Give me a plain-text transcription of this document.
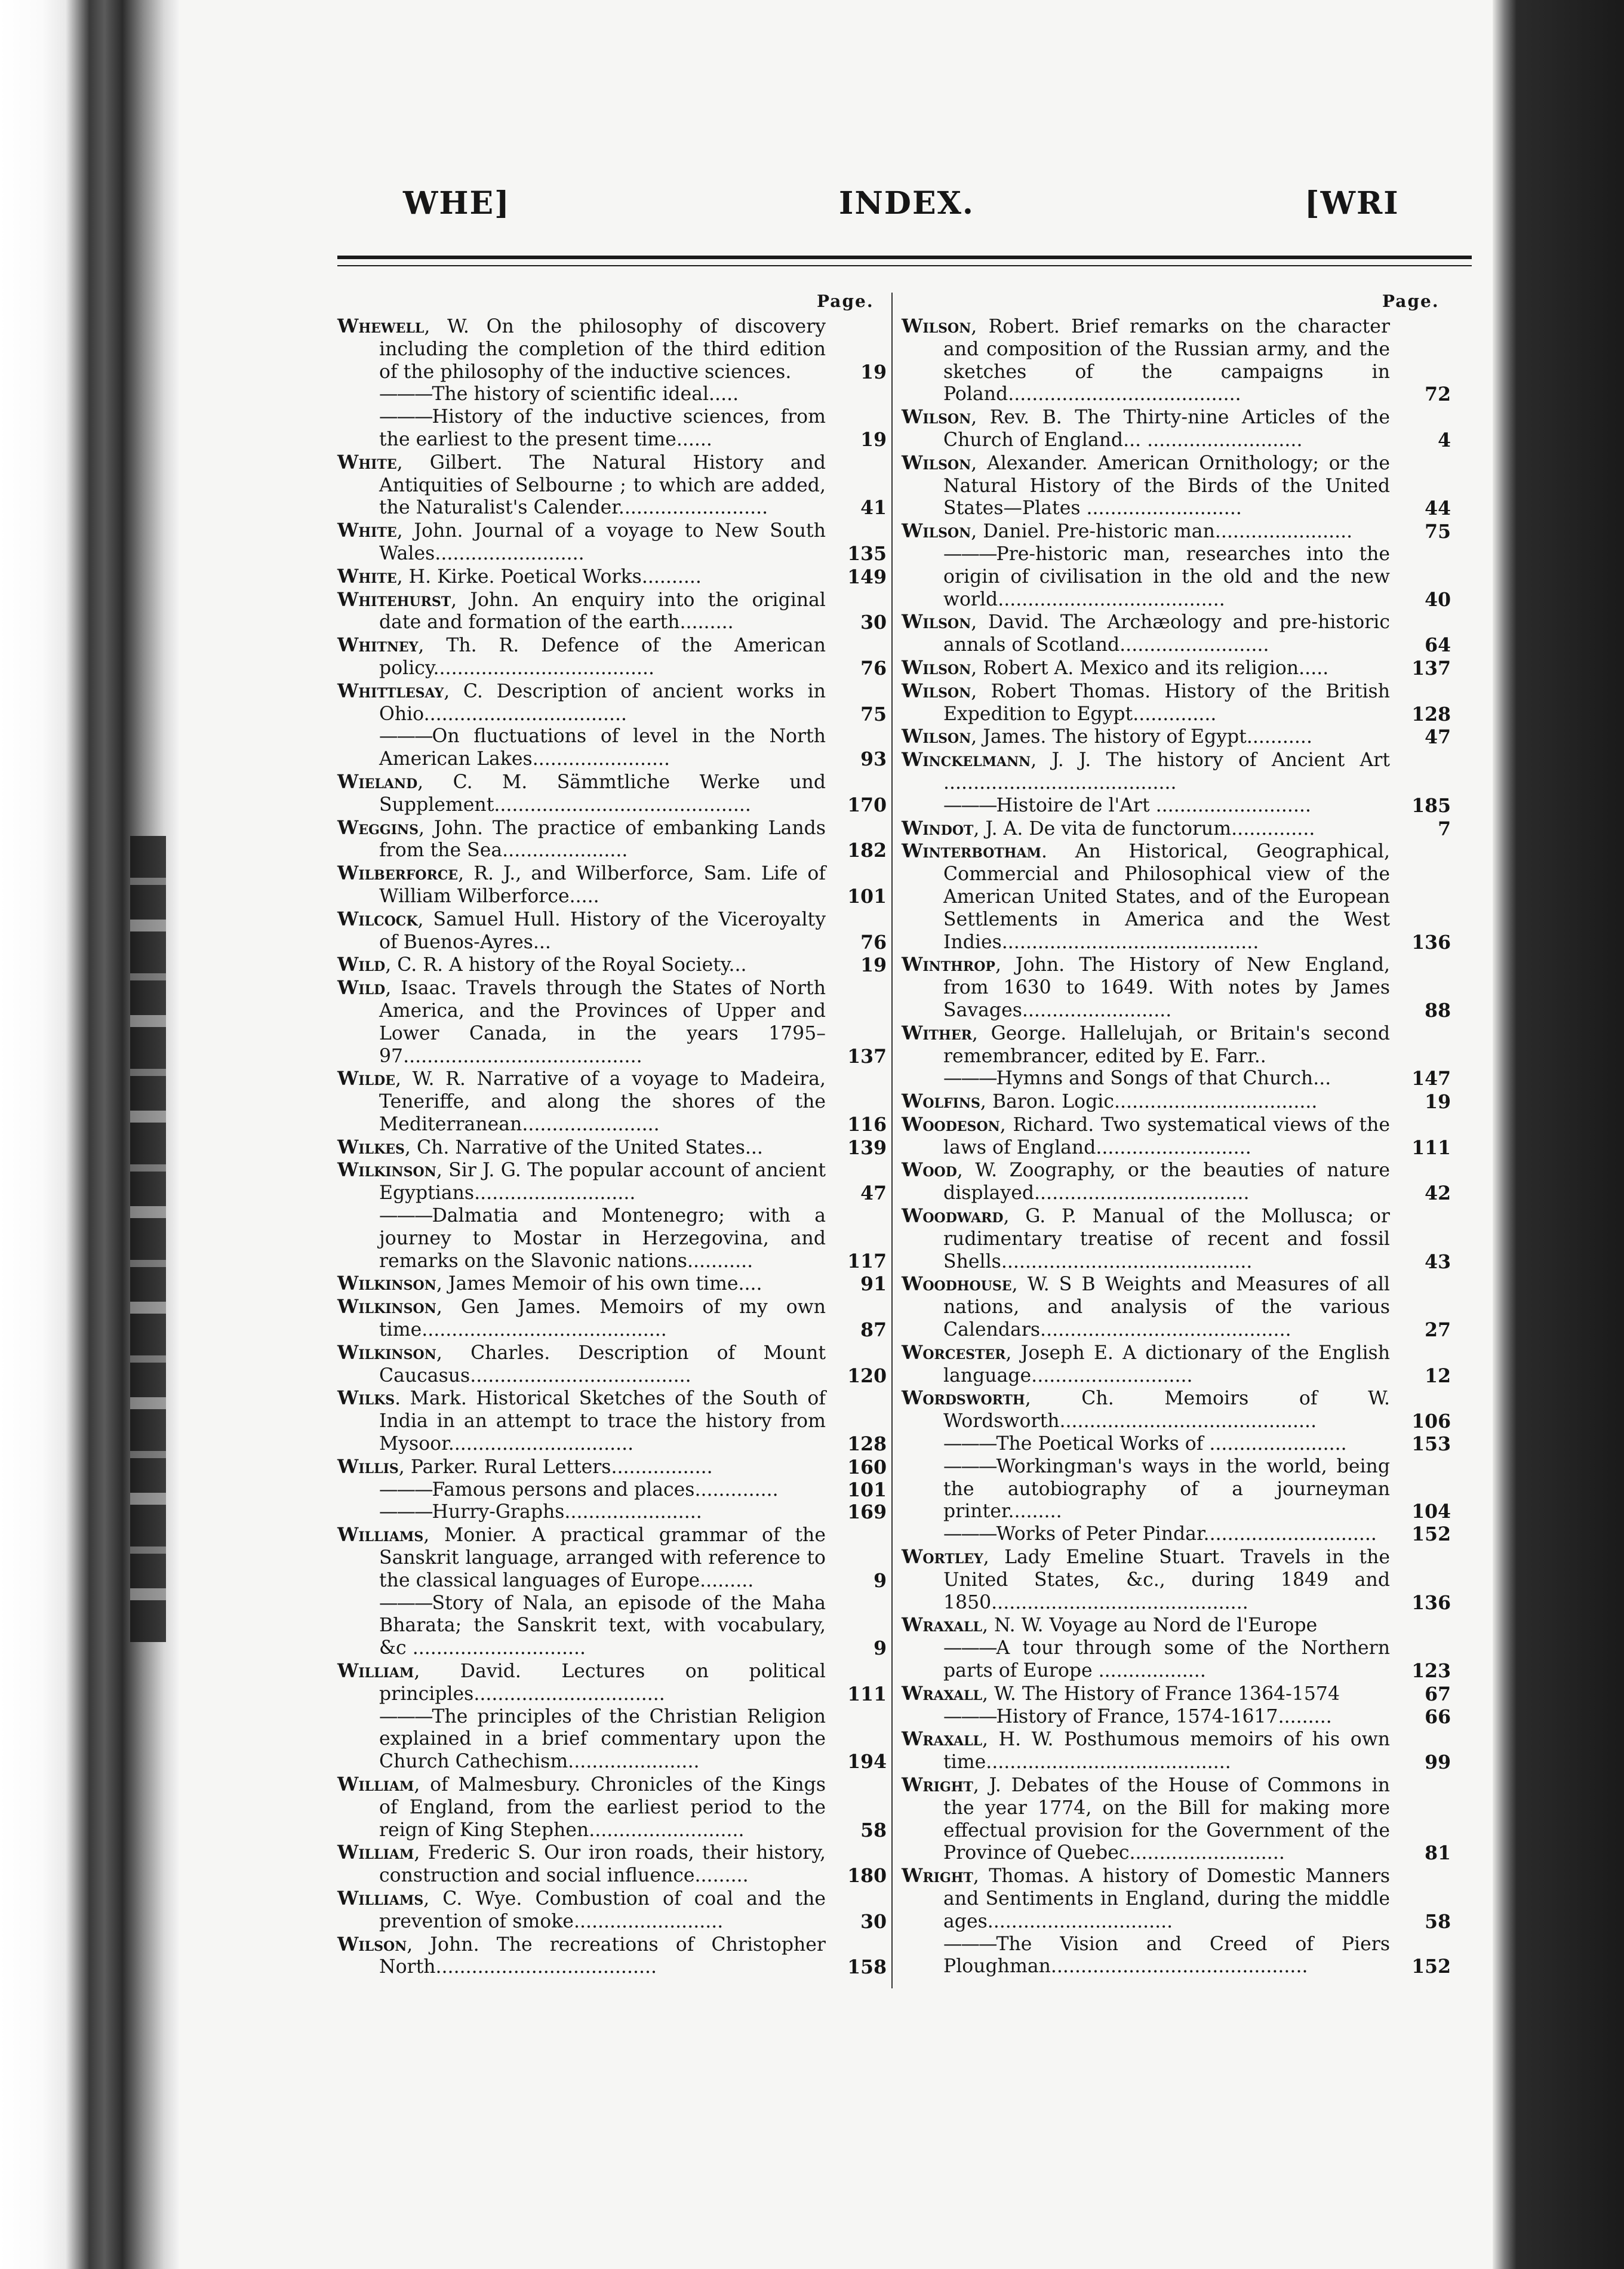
WHE]	INDEX.	[WRI
Page.	Page.
Whewell, W. On the philosophy of discovery including the completion of the third edition of the philosophy of the inductive sciences.	19
——— The history of scientific ideal.....
——— History of the inductive sciences, from the earliest to the present time......	19
White, Gilbert. The Natural History and Antiquities of Selbourne ; to which are added, the Naturalist's Calender.........................	41
White, John. Journal of a voyage to New South Wales.........................	135
White, H. Kirke. Poetical Works..........	149
Whitehurst, John. An enquiry into the original date and formation of the earth.........	30
Whitney, Th. R. Defence of the American policy.....................................	76
Whittlesay, C. Description of ancient works in Ohio..................................	75
——— On fluctuations of level in the North American Lakes.......................	93
Wieland, C. M. Sämmtliche Werke und Supplement...........................................	170
Weggins, John. The practice of embanking Lands from the Sea.....................	182
Wilberforce, R. J., and Wilberforce, Sam. Life of William Wilberforce.....	101
Wilcock, Samuel Hull. History of the Viceroyalty of Buenos-Ayres...	76
Wild, C. R. A history of the Royal Society...	19
Wild, Isaac. Travels through the States of North America, and the Provinces of Upper and Lower Canada, in the years 1795–97........................................	137
Wilde, W. R. Narrative of a voyage to Madeira, Teneriffe, and along the shores of the Mediterranean.......................	116
Wilkes, Ch. Narrative of the United States...	139
Wilkinson, Sir J. G. The popular account of ancient Egyptians...........................	47
——— Dalmatia and Montenegro; with a journey to Mostar in Herzegovina, and remarks on the Slavonic nations...........	117
Wilkinson, James Memoir of his own time....	91
Wilkinson, Gen James. Memoirs of my own time.........................................	87
Wilkinson, Charles. Description of Mount Caucasus.....................................	120
Wilks. Mark. Historical Sketches of the South of India in an attempt to trace the history from Mysoor...............................	128
Willis, Parker. Rural Letters.................	160
——— Famous persons and places..............	101
——— Hurry-Graphs.......................	169
Williams, Monier. A practical grammar of the Sanskrit language, arranged with reference to the classical languages of Europe.........	9
——— Story of Nala, an episode of the Maha Bharata; the Sanskrit text, with vocabulary, &c .............................	9
William, David. Lectures on political principles................................	111
——— The principles of the Christian Religion explained in a brief commentary upon the Church Cathechism......................	194
William, of Malmesbury. Chronicles of the Kings of England, from the earliest period to the reign of King Stephen..........................	58
William, Frederic S. Our iron roads, their history, construction and social influence.........	180
Williams, C. Wye. Combustion of coal and the prevention of smoke.........................	30
Wilson, John. The recreations of Christopher North.....................................	158
Wilson, Robert. Brief remarks on the character and composition of the Russian army, and the sketches of the campaigns in Poland.......................................	72
Wilson, Rev. B. The Thirty-nine Articles of the Church of England... ..........................	4
Wilson, Alexander. American Ornithology; or the Natural History of the Birds of the United States—Plates ..........................	44
Wilson, Daniel. Pre-historic man.......................	75
——— Pre-historic man, researches into the origin of civilisation in the old and the new world......................................	40
Wilson, David. The Archæology and pre-historic annals of Scotland.........................	64
Wilson, Robert A. Mexico and its religion.....	137
Wilson, Robert Thomas. History of the British Expedition to Egypt..............	128
Wilson, James. The history of Egypt...........	47
Winckelmann, J. J. The history of Ancient Art .......................................
——— Histoire de l'Art ..........................	185
Windot, J. A. De vita de functorum..............	7
Winterbotham. An Historical, Geographical, Commercial and Philosophical view of the American United States, and of the European Settlements in America and the West Indies...........................................	136
Winthrop, John. The History of New England, from 1630 to 1649. With notes by James Savages.........................	88
Wither, George. Hallelujah, or Britain's second remembrancer, edited by E. Farr..
——— Hymns and Songs of that Church...	147
Wolfins, Baron. Logic..................................	19
Woodeson, Richard. Two systematical views of the laws of England..........................	111
Wood, W. Zoography, or the beauties of nature displayed....................................	42
Woodward, G. P. Manual of the Mollusca; or rudimentary treatise of recent and fossil Shells..........................................	43
Woodhouse, W. S B Weights and Measures of all nations, and analysis of the various Calendars..........................................	27
Worcester, Joseph E. A dictionary of the English language...........................	12
Wordsworth, Ch. Memoirs of W. Wordsworth...........................................	106
——— The Poetical Works of .......................	153
——— Workingman's ways in the world, being the autobiography of a journeyman printer.........	104
——— Works of Peter Pindar.............................	152
Wortley, Lady Emeline Stuart. Travels in the United States, &c., during 1849 and 1850...........................................	136
Wraxall, N. W. Voyage au Nord de l'Europe
——— A tour through some of the Northern parts of Europe ..................	123
Wraxall, W. The History of France 1364-1574	67
——— History of France, 1574-1617.........	66
Wraxall, H. W. Posthumous memoirs of his own time.........................................	99
Wright, J. Debates of the House of Commons in the year 1774, on the Bill for making more effectual provision for the Government of the Province of Quebec..........................	81
Wright, Thomas. A history of Domestic Manners and Sentiments in England, during the middle ages...............................	58
——— The Vision and Creed of Piers Ploughman...........................................	152
